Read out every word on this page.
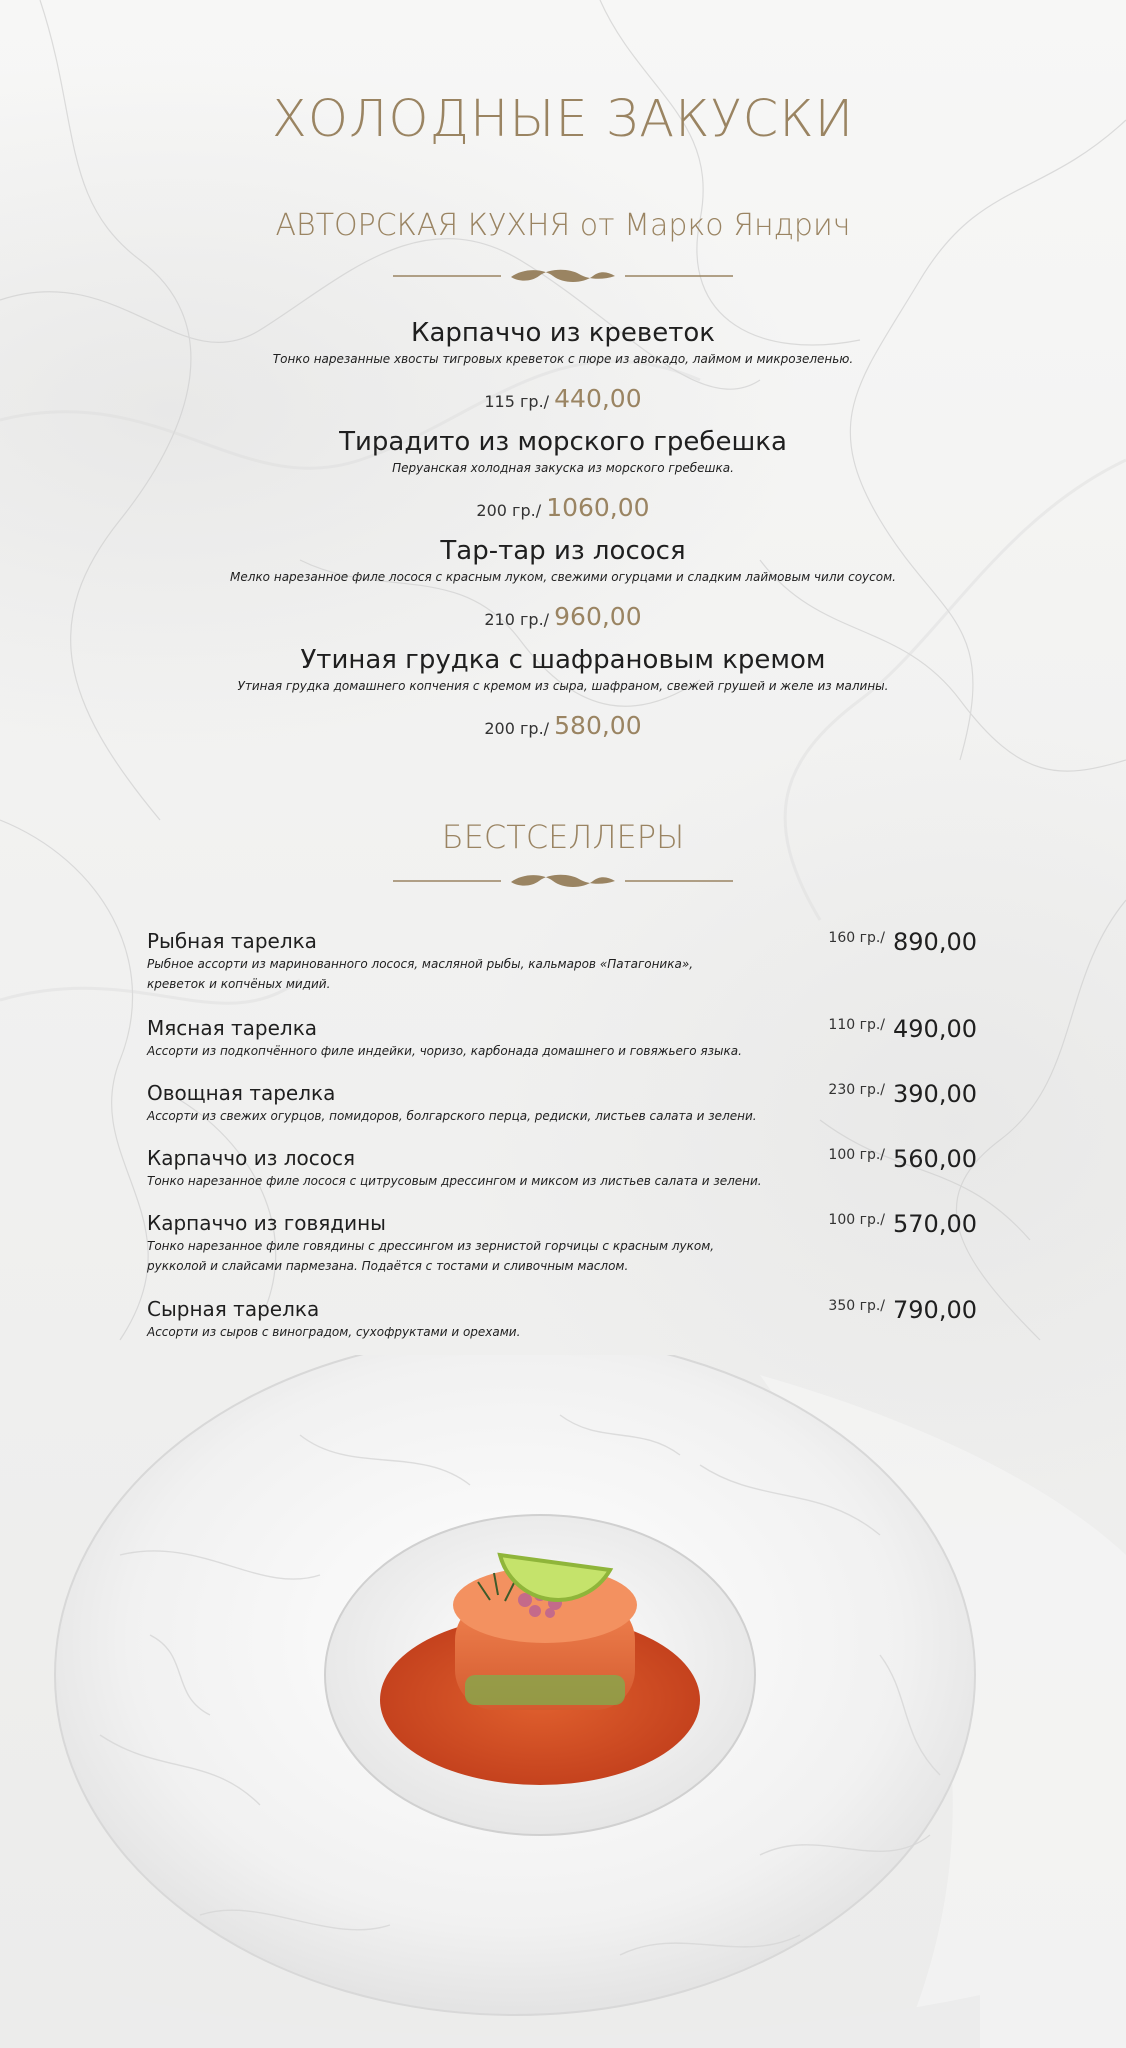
ХОЛОДНЫЕ ЗАКУСКИ
АВТОРСКАЯ КУХНЯ от Марко Яндрич
Карпаччо из креветок
Тонко нарезанные хвосты тигровых креветок с пюре из авокадо, лаймом и микрозеленью.
115 гр./ 440,00
Тирадито из морского гребешка
Перуанская холодная закуска из морского гребешка.
200 гр./ 1060,00
Тар-тар из лосося
Мелко нарезанное филе лосося с красным луком, свежими огурцами и сладким лаймовым чили соусом.
210 гр./ 960,00
Утиная грудка с шафрановым кремом
Утиная грудка домашнего копчения с кремом из сыра, шафраном, свежей грушей и желе из малины.
200 гр./ 580,00
БЕСТСЕЛЛЕРЫ
Рыбная тарелка
Рыбное ассорти из маринованного лосося, масляной рыбы, кальмаров «Патагоника»,
креветок и копчёных мидий.
160 гр./ 890,00
Мясная тарелка
Ассорти из подкопчённого филе индейки, чоризо, карбонада домашнего и говяжьего языка.
110 гр./ 490,00
Овощная тарелка
Ассорти из свежих огурцов, помидоров, болгарского перца, редиски, листьев салата и зелени.
230 гр./ 390,00
Карпаччо из лосося
Тонко нарезанное филе лосося с цитрусовым дрессингом и миксом из листьев салата и зелени.
100 гр./ 560,00
Карпаччо из говядины
Тонко нарезанное филе говядины с дрессингом из зернистой горчицы с красным луком,
рукколой и слайсами пармезана. Подаётся с тостами и сливочным маслом.
100 гр./ 570,00
Сырная тарелка
Ассорти из сыров с виноградом, сухофруктами и орехами.
350 гр./ 790,00
